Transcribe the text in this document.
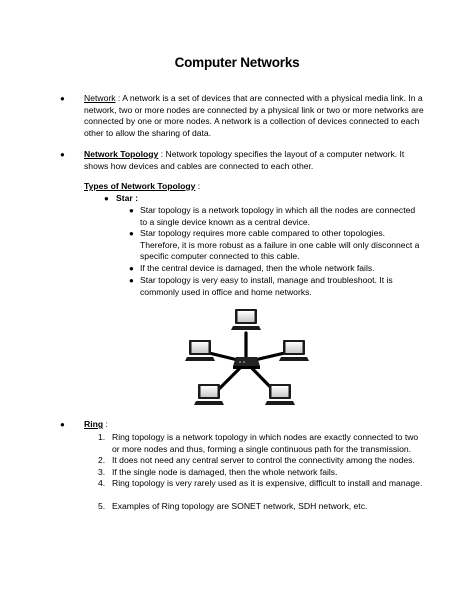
Computer Networks
● Network : A network is a set of devices that are connected with a physical media link. In a network, two or more nodes are connected by a physical link or two or more networks are connected by one or more nodes. A network is a collection of devices connected to each other to allow the sharing of data.

● Network Topology : Network topology specifies the layout of a computer network. It shows how devices and cables are connected to each other.

Types of Network Topology :
● Star :
● Star topology is a network topology in which all the nodes are connected to a single device known as a central device.
● Star topology requires more cable compared to other topologies. Therefore, it is more robust as a failure in one cable will only disconnect a specific computer connected to this cable.
● If the central device is damaged, then the whole network fails.
● Star topology is very easy to install, manage and troubleshoot. It is commonly used in office and home networks.
● Ring :
1. Ring topology is a network topology in which nodes are exactly connected to two or more nodes and thus, forming a single continuous path for the transmission.
2. It does not need any central server to control the connectivity among the nodes.
3. If the single node is damaged, then the whole network fails.
4. Ring topology is very rarely used as it is expensive, difficult to install and manage.
5. Examples of Ring topology are SONET network, SDH network, etc.
